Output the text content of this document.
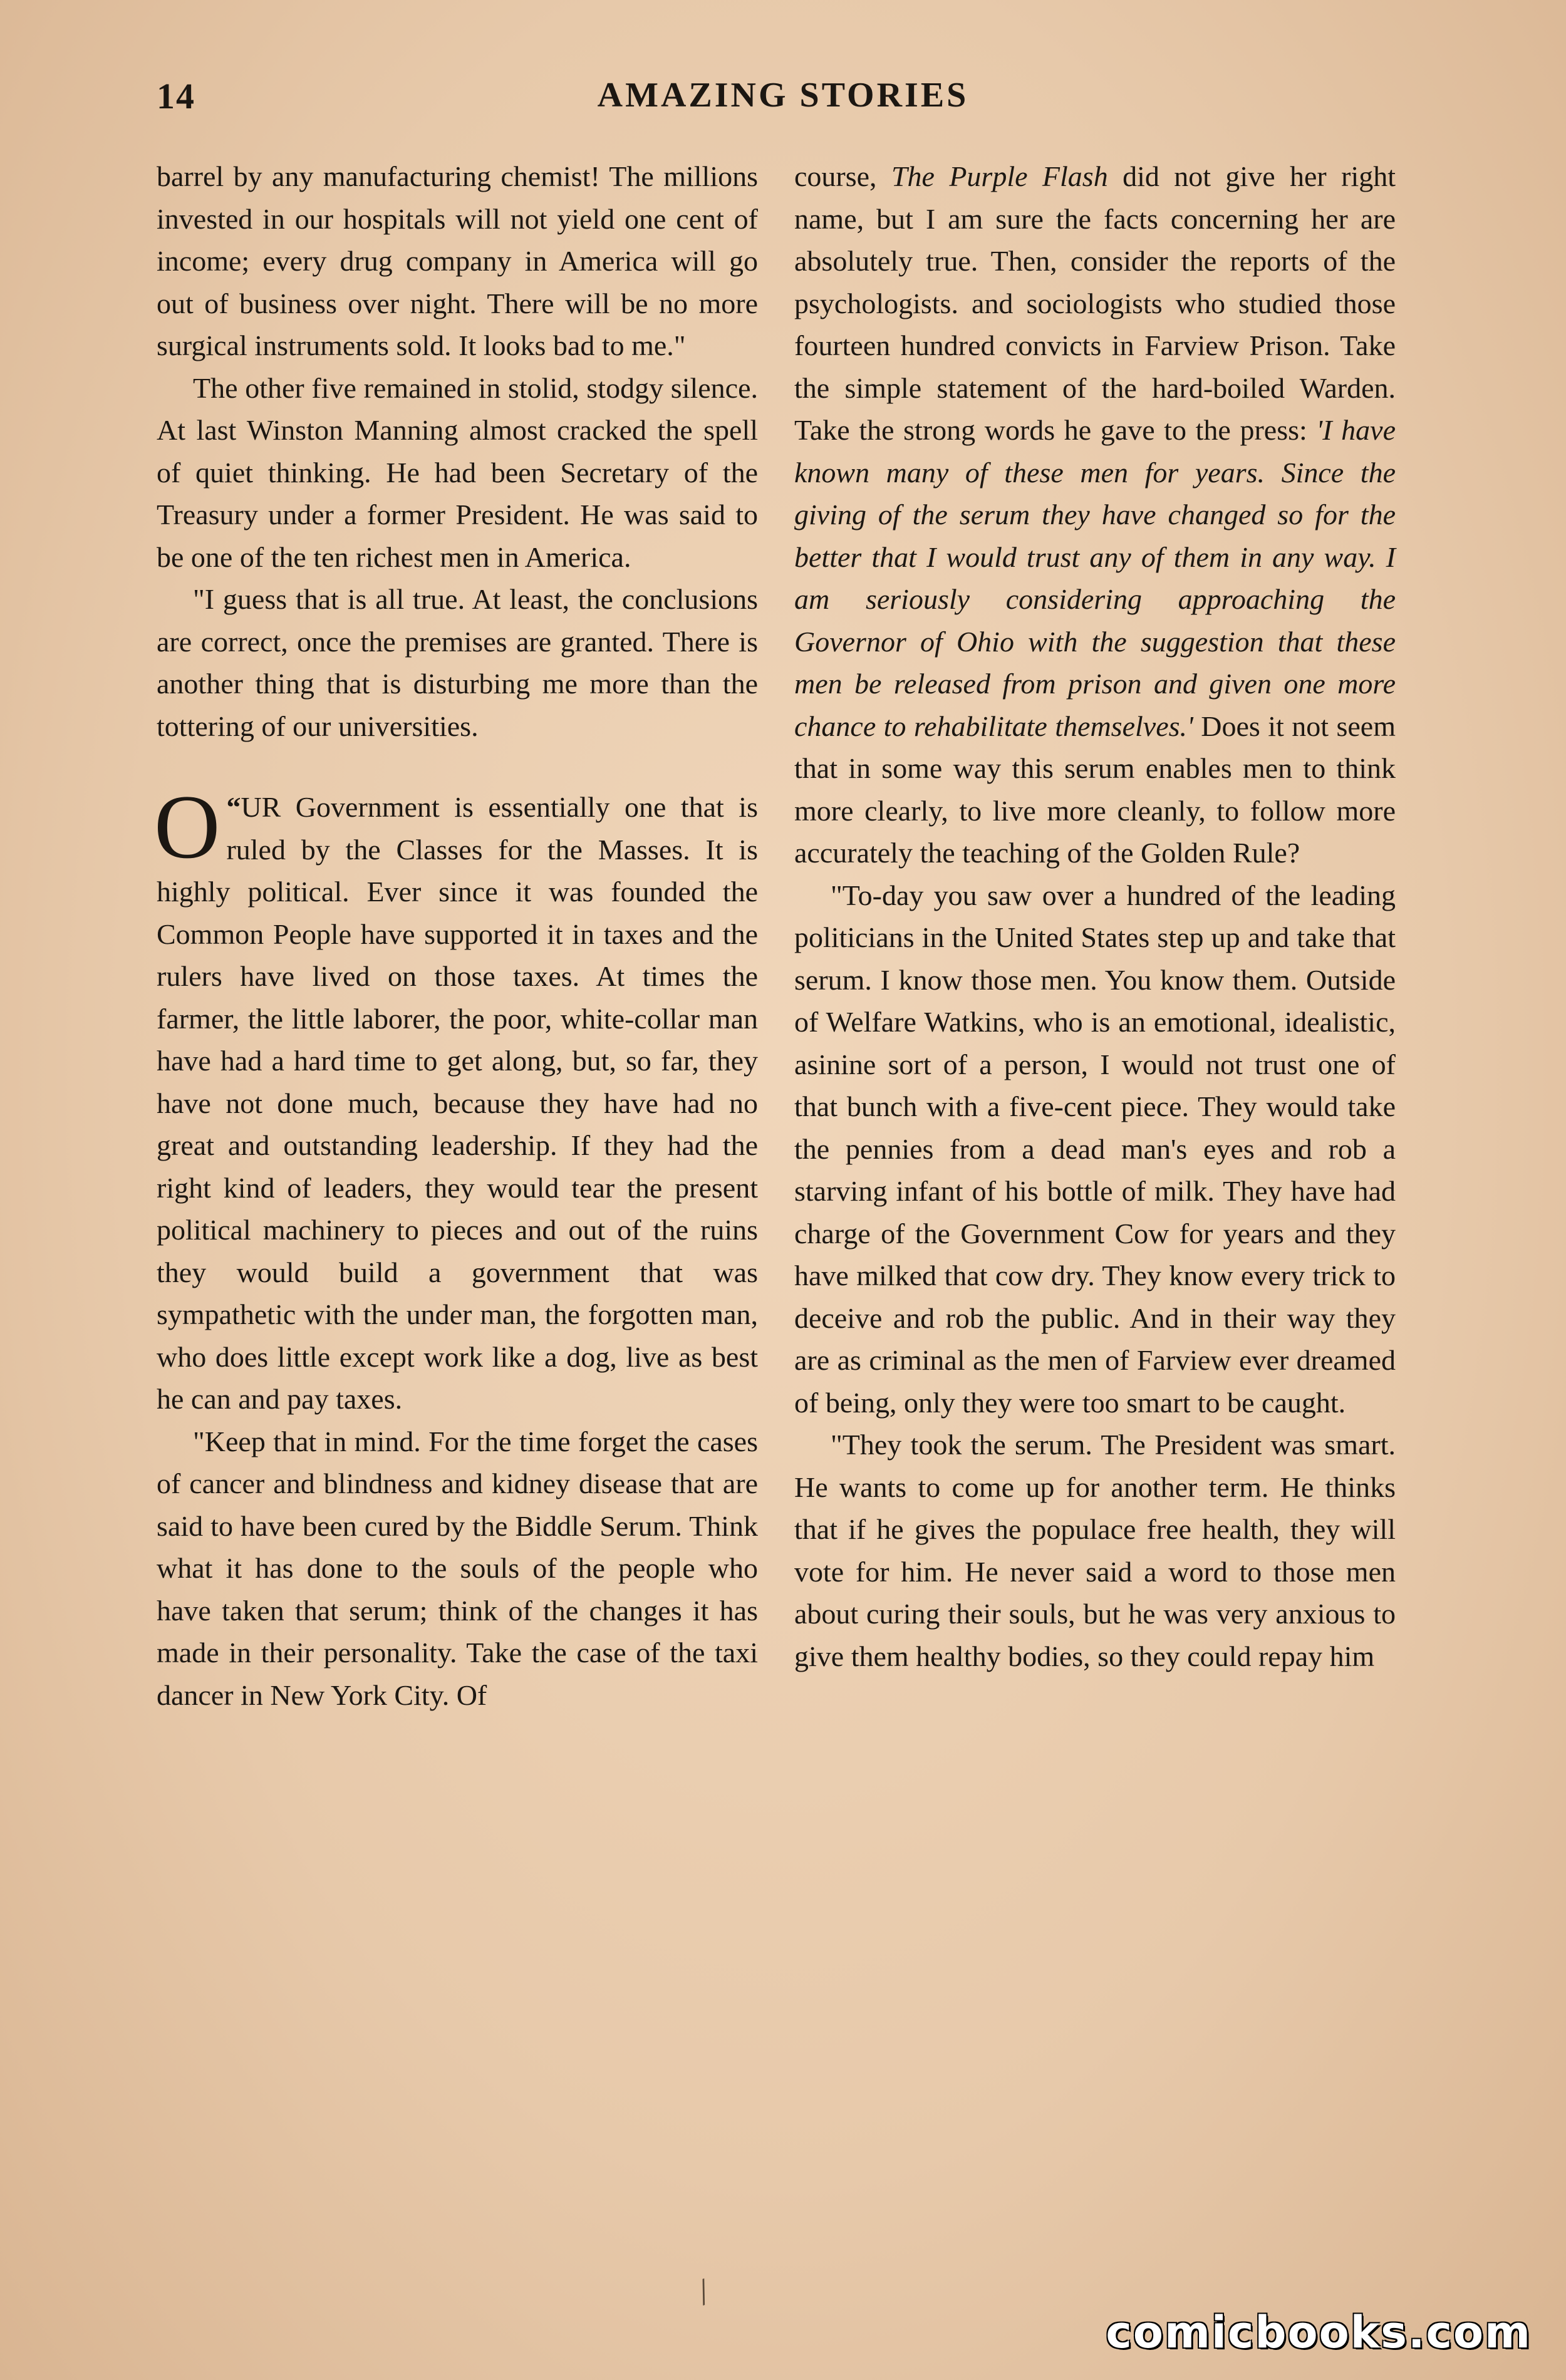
14	AMAZING STORIES

barrel by any manufacturing chemist! The millions invested in our hospitals will not yield one cent of income; every drug company in America will go out of business over night. There will be no more surgical instruments sold. It looks bad to me."

The other five remained in stolid, stodgy silence. At last Winston Manning almost cracked the spell of quiet thinking. He had been Secretary of the Treasury under a former President. He was said to be one of the ten richest men in America.

"I guess that is all true. At least, the conclusions are correct, once the premises are granted. There is another thing that is disturbing me more than the tottering of our universities.

“
O UR Government is essentially one that is ruled by the Classes for the Masses. It is highly political. Ever since it was founded the Common People have supported it in taxes and the rulers have lived on those taxes. At times the farmer, the little laborer, the poor, white-collar man have had a hard time to get along, but, so far, they have not done much, because they have had no great and outstanding leadership. If they had the right kind of leaders, they would tear the present political machinery to pieces and out of the ruins they would build a government that was sympathetic with the under man, the forgotten man, who does little except work like a dog, live as best he can and pay taxes.

"Keep that in mind. For the time forget the cases of cancer and blindness and kidney disease that are said to have been cured by the Biddle Serum. Think what it has done to the souls of the people who have taken that serum; think of the changes it has made in their personality. Take the case of the taxi dancer in New York City. Of

course, The Purple Flash did not give her right name, but I am sure the facts concerning her are absolutely true. Then, consider the reports of the psychologists. and sociologists who studied those fourteen hundred convicts in Farview Prison. Take the simple statement of the hard-boiled Warden. Take the strong words he gave to the press: 'I have known many of these men for years. Since the giving of the serum they have changed so for the better that I would trust any of them in any way. I am seriously considering approaching the Governor of Ohio with the suggestion that these men be released from prison and given one more chance to rehabilitate themselves.' Does it not seem that in some way this serum enables men to think more clearly, to live more cleanly, to follow more accurately the teaching of the Golden Rule?

"To-day you saw over a hundred of the leading politicians in the United States step up and take that serum. I know those men. You know them. Outside of Welfare Watkins, who is an emotional, idealistic, asinine sort of a person, I would not trust one of that bunch with a five-cent piece. They would take the pennies from a dead man's eyes and rob a starving infant of his bottle of milk. They have had charge of the Government Cow for years and they have milked that cow dry. They know every trick to deceive and rob the public. And in their way they are as criminal as the men of Farview ever dreamed of being, only they were too smart to be caught.

"They took the serum. The President was smart. He wants to come up for another term. He thinks that if he gives the populace free health, they will vote for him. He never said a word to those men about curing their souls, but he was very anxious to give them healthy bodies, so they could repay him

/
comicbooks.com
